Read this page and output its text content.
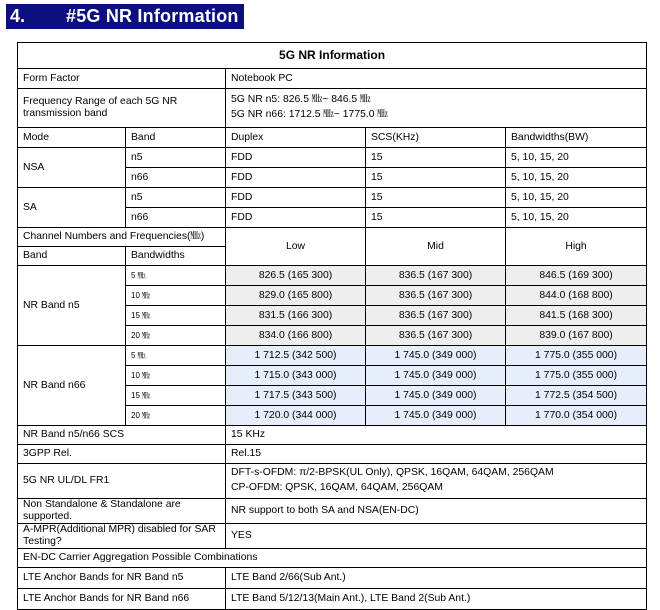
4.	#5G NR Information
5G NR Information				
Form Factor		Notebook PC		
Frequency Range of each 5G NR transmission band		5G NR n5: 826.5 ㎒~ 846.5 ㎒
5G NR n66: 1712.5 ㎒~ 1775.0 ㎒		

Mode	Band	Duplex	SCS(KHz)	Bandwidths(BW)
NSA	n5	FDD	15	5, 10, 15, 20
	n66	FDD	15	5, 10, 15, 20
SA	n5	FDD	15	5, 10, 15, 20
	n66	FDD	15	5, 10, 15, 20
Channel Numbers and Frequencies(㎒)		Low	Mid	High
Band	Bandwidths			
NR Band n5	5 ㎒	826.5 (165 300)	836.5 (167 300)	846.5 (169 300)
	10 ㎒	829.0 (165 800)	836.5 (167 300)	844.0 (168 800)
	15 ㎒	831.5 (166 300)	836.5 (167 300)	841.5 (168 300)
	20 ㎒	834.0 (166 800)	836.5 (167 300)	839.0 (167 800)
NR Band n66	5 ㎒	1 712.5 (342 500)	1 745.0 (349 000)	1 775.0 (355 000)
	10 ㎒	1 715.0 (343 000)	1 745.0 (349 000)	1 775.0 (355 000)
	15 ㎒	1 717.5 (343 500)	1 745.0 (349 000)	1 772.5 (354 500)
	20 ㎒	1 720.0 (344 000)	1 745.0 (349 000)	1 770.0 (354 000)
NR Band n5/n66 SCS		15 KHz		
3GPP Rel.		Rel.15		
5G NR UL/DL FR1		DFT-s-OFDM: π/2-BPSK(UL Only), QPSK, 16QAM, 64QAM, 256QAM
CP-OFDM: QPSK, 16QAM, 64QAM, 256QAM		

Non Standalone & Standalone are supported.		NR support to both SA and NSA(EN-DC)		
A-MPR(Additional MPR) disabled for SAR Testing?		YES		
EN-DC Carrier Aggregation Possible Combinations				
LTE Anchor Bands for NR Band n5		LTE Band 2/66(Sub Ant.)		
LTE Anchor Bands for NR Band n66		LTE Band 5/12/13(Main Ant.), LTE Band 2(Sub Ant.)		
